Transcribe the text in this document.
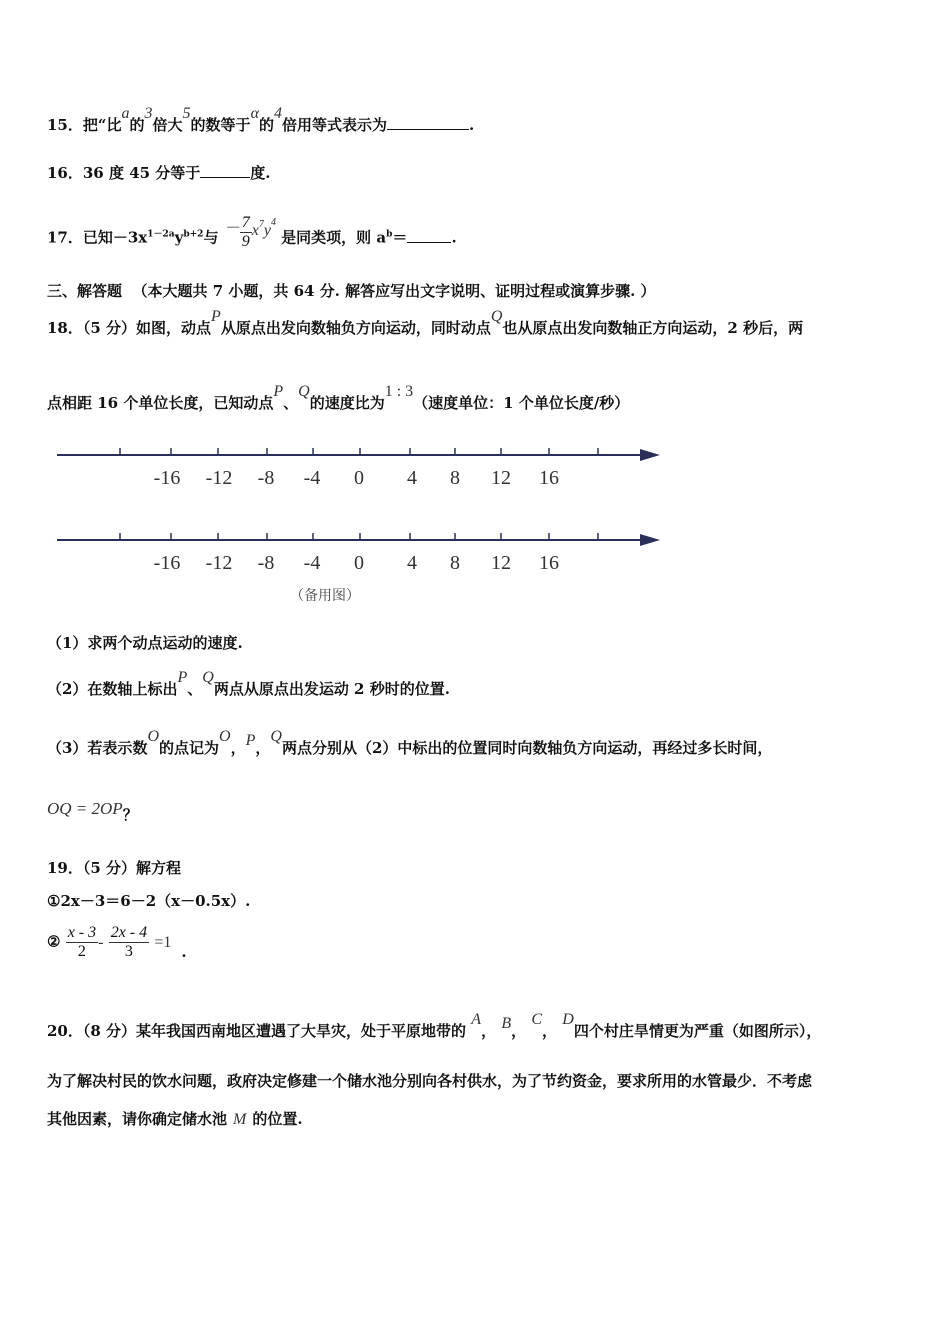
15．把“比a的3倍大5的数等于α的4倍用等式表示为	.
16．36 度 45 分等于	度.
17．已知$-3x^{1-2a}y^{b+2}$与 － $\frac{7}{9} x^7y^4$ 是同类项，则 $a^b=$	.
三、解答题 （本大题共 7 小题，共 64 分. 解答应写出文字说明、证明过程或演算步骤. ）
18．（5 分）如图，动点P从原点出发向数轴负方向运动，同时动点Q也从原点出发向数轴正方向运动，2 秒后，两
点相距 16 个单位长度，已知动点P、Q的速度比为1 : 3（速度单位：1 个单位长度/秒）
-16 -12 -8 -4 0 4 8 12 16
-16 -12 -8 -4 0 4 8 12 16
（备用图）
（1）求两个动点运动的速度.
（2）在数轴上标出P、Q两点从原点出发运动 2 秒时的位置.
（3）若表示数O的点记为O，P，Q两点分别从（2）中标出的位置同时向数轴负方向运动，再经过多长时间，
OQ = 2OP？
19．（5 分）解方程
①2x－3＝6－2（x－0.5x）.
② $\frac{x - 3}{2} - \frac{2x - 4}{3} =1$.
20．（8 分）某年我国西南地区遭遇了大旱灾，处于平原地带的 A， B， C， D四个村庄旱情更为严重（如图所示），
为了解决村民的饮水问题，政府决定修建一个储水池分别向各村供水，为了节约资金，要求所用的水管最少．不考虑
其他因素，请你确定储水池 M 的位置.
